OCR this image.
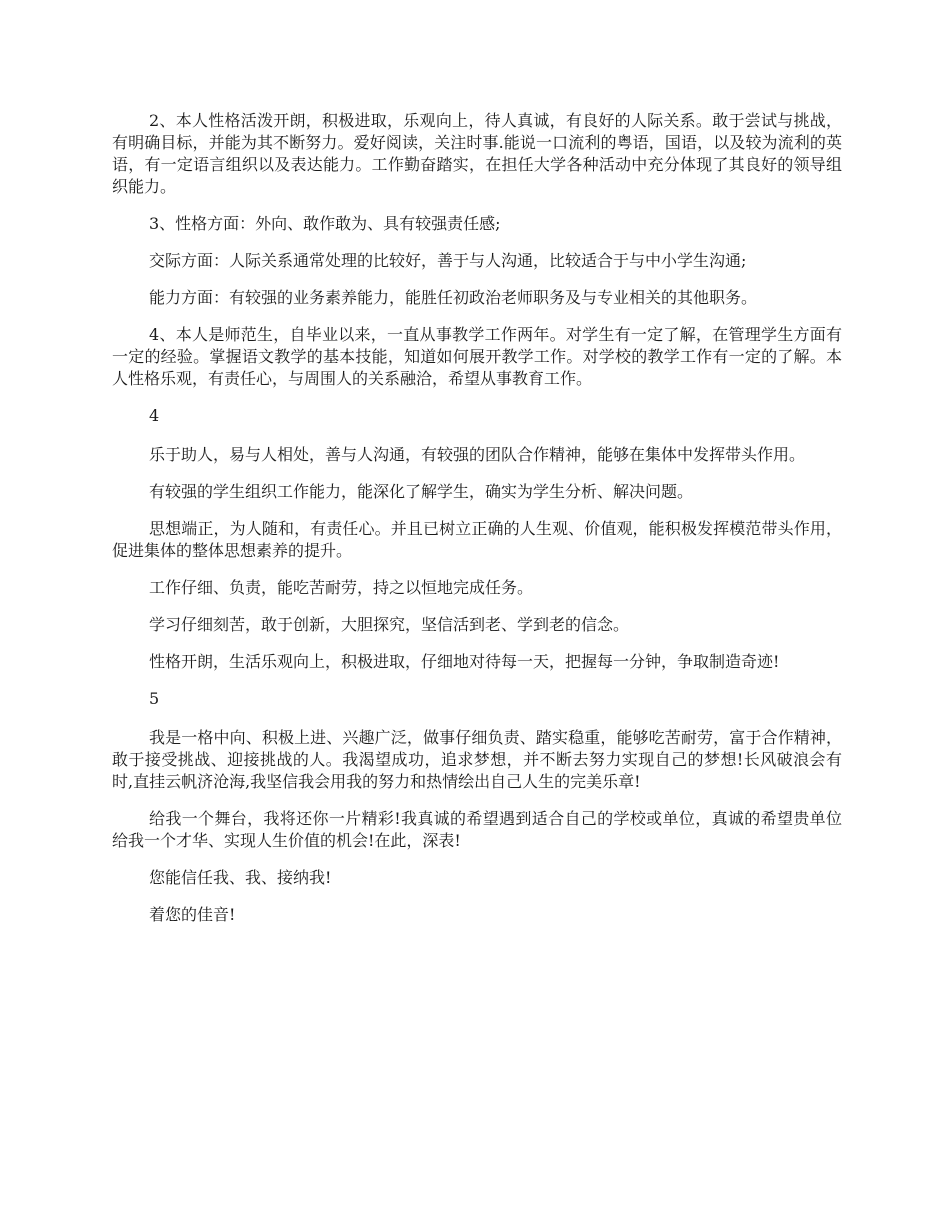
2、本人性格活泼开朗，积极进取，乐观向上，待人真诚，有良好的人际关系。敢于尝试与挑战，有明确目标，并能为其不断努力。爱好阅读，关注时事.能说一口流利的粤语，国语，以及较为流利的英语，有一定语言组织以及表达能力。工作勤奋踏实，在担任大学各种活动中充分体现了其良好的领导组织能力。

3、性格方面：外向、敢作敢为、具有较强责任感;

交际方面：人际关系通常处理的比较好，善于与人沟通，比较适合于与中小学生沟通;

能力方面：有较强的业务素养能力，能胜任初政治老师职务及与专业相关的其他职务。

4、本人是师范生，自毕业以来，一直从事教学工作两年。对学生有一定了解，在管理学生方面有一定的经验。掌握语文教学的基本技能，知道如何展开教学工作。对学校的教学工作有一定的了解。本人性格乐观，有责任心，与周围人的关系融洽，希望从事教育工作。

4

乐于助人，易与人相处，善与人沟通，有较强的团队合作精神，能够在集体中发挥带头作用。

有较强的学生组织工作能力，能深化了解学生，确实为学生分析、解决问题。

思想端正，为人随和，有责任心。并且已树立正确的人生观、价值观，能积极发挥模范带头作用，促进集体的整体思想素养的提升。

工作仔细、负责，能吃苦耐劳，持之以恒地完成任务。

学习仔细刻苦，敢于创新，大胆探究，坚信活到老、学到老的信念。

性格开朗，生活乐观向上，积极进取，仔细地对待每一天，把握每一分钟，争取制造奇迹!

5

我是一格中向、积极上进、兴趣广泛，做事仔细负责、踏实稳重，能够吃苦耐劳，富于合作精神，敢于接受挑战、迎接挑战的人。我渴望成功，追求梦想，并不断去努力实现自己的梦想!长风破浪会有时,直挂云帆济沧海,我坚信我会用我的努力和热情绘出自己人生的完美乐章!

给我一个舞台，我将还你一片精彩!我真诚的希望遇到适合自己的学校或单位，真诚的希望贵单位给我一个才华、实现人生价值的机会!在此，深表!

您能信任我、我、接纳我!

着您的佳音!
